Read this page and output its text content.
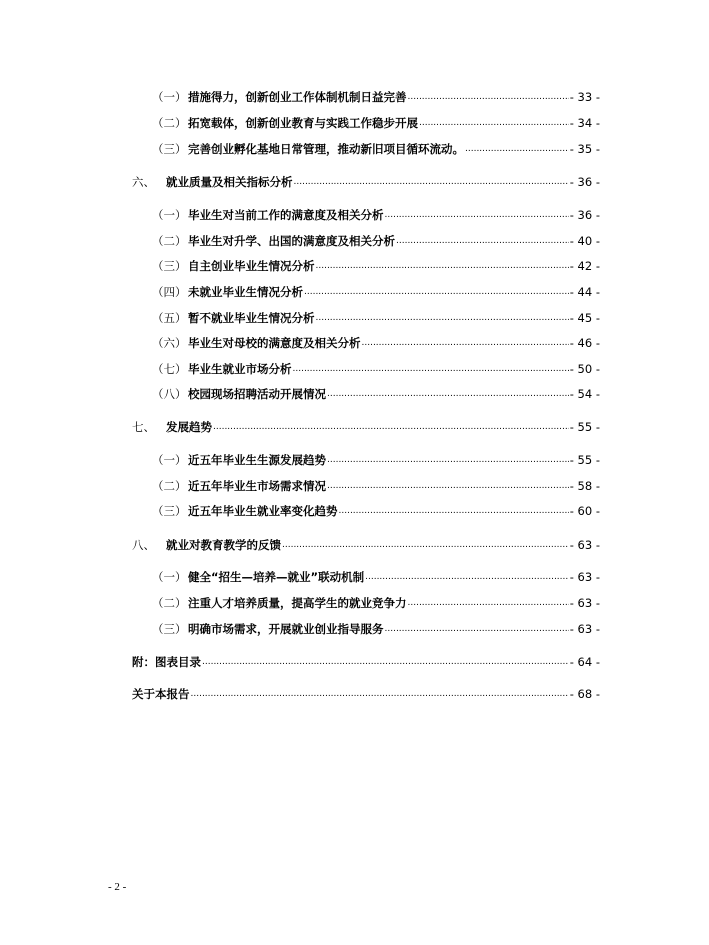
（一） 措施得力，创新创业工作体制机制日益完善 .....	- 33 -
（二） 拓宽载体，创新创业教育与实践工作稳步开展 .....	- 34 -
（三） 完善创业孵化基地日常管理，推动新旧项目循环流动。 .....	- 35 -
六、 就业质量及相关指标分析 .....	- 36 -
（一） 毕业生对当前工作的满意度及相关分析 .....	- 36 -
（二） 毕业生对升学、出国的满意度及相关分析 .....	- 40 -
（三） 自主创业毕业生情况分析 .....	- 42 -
（四） 未就业毕业生情况分析 .....	- 44 -
（五） 暂不就业毕业生情况分析 .....	- 45 -
（六） 毕业生对母校的满意度及相关分析 .....	- 46 -
（七） 毕业生就业市场分析 .....	- 50 -
（八） 校园现场招聘活动开展情况 .....	- 54 -
七、 发展趋势 .....	- 55 -
（一） 近五年毕业生生源发展趋势 .....	- 55 -
（二） 近五年毕业生市场需求情况 .....	- 58 -
（三） 近五年毕业生就业率变化趋势 .....	- 60 -
八、 就业对教育教学的反馈 .....	- 63 -
（一） 健全“招生—培养—就业”联动机制 .....	- 63 -
（二） 注重人才培养质量，提高学生的就业竞争力 .....	- 63 -
（三） 明确市场需求，开展就业创业指导服务 .....	- 63 -
附：图表目录 .....	- 64 -
关于本报告 .....	- 68 -
- 2 -
